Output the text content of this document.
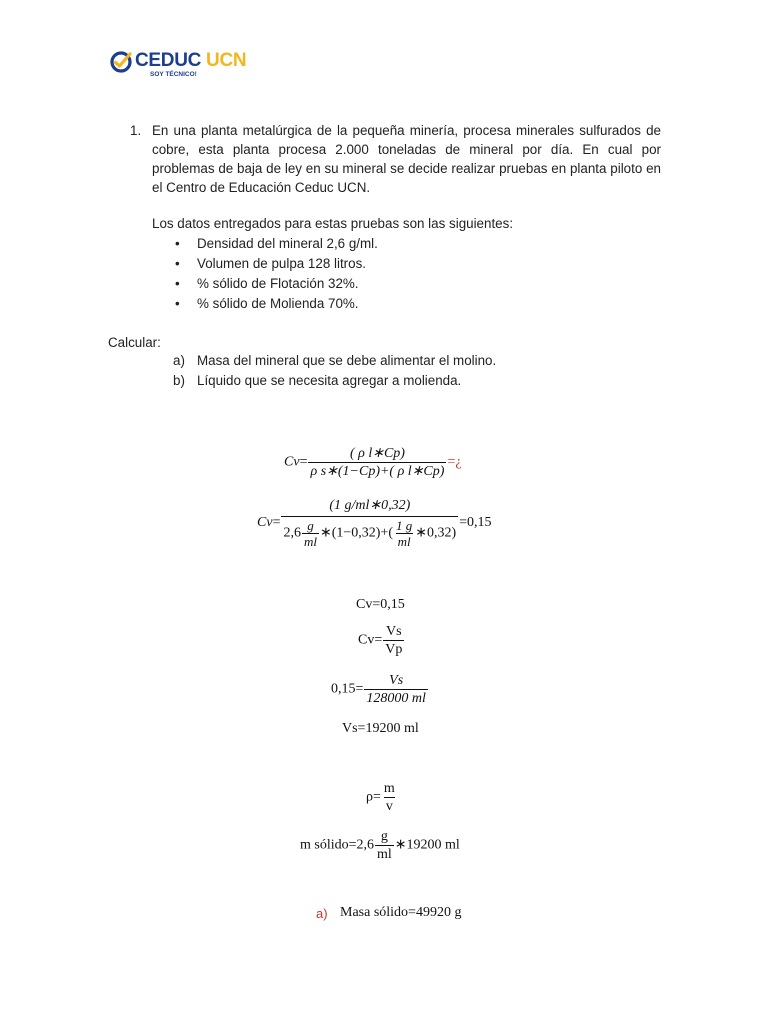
CEDUC UCN
SOY TÉCNICO!
1. En una planta metalúrgica de la pequeña minería, procesa minerales sulfurados de cobre, esta planta procesa 2.000 toneladas de mineral por día. En cual por problemas de baja de ley en su mineral se decide realizar pruebas en planta piloto en el Centro de Educación Ceduc UCN.
Los datos entregados para estas pruebas son las siguientes:
• Densidad del mineral 2,6 g/ml.
• Volumen de pulpa 128 litros.
• % sólido de Flotación 32%.
• % sólido de Molienda 70%.
Calcular:
a) Masa del mineral que se debe alimentar el molino.
b) Líquido que se necesita agregar a molienda.
$Cv= \frac{\text{( ρ l∗Cp)}}{\text{ρ s∗(1−Cp)+( ρ l∗Cp)}}$ =¿
$Cv= \frac{(1 g/ml∗0,32)}{2,6 \frac{g}{ml} ∗(1-0,32)+( \frac{1 g}{ml} ∗0,32)} =0,15$
Cv=0,15
$Cv= \frac{Vs}{Vp}$
$0,15= \frac{Vs}{128000 ml}$
Vs=19200 ml
$\rho= \frac{m}{v}$
m sólido=2,6 $\frac{g}{ml}$ ∗19200 ml
a) Masa sólido=49920 g
